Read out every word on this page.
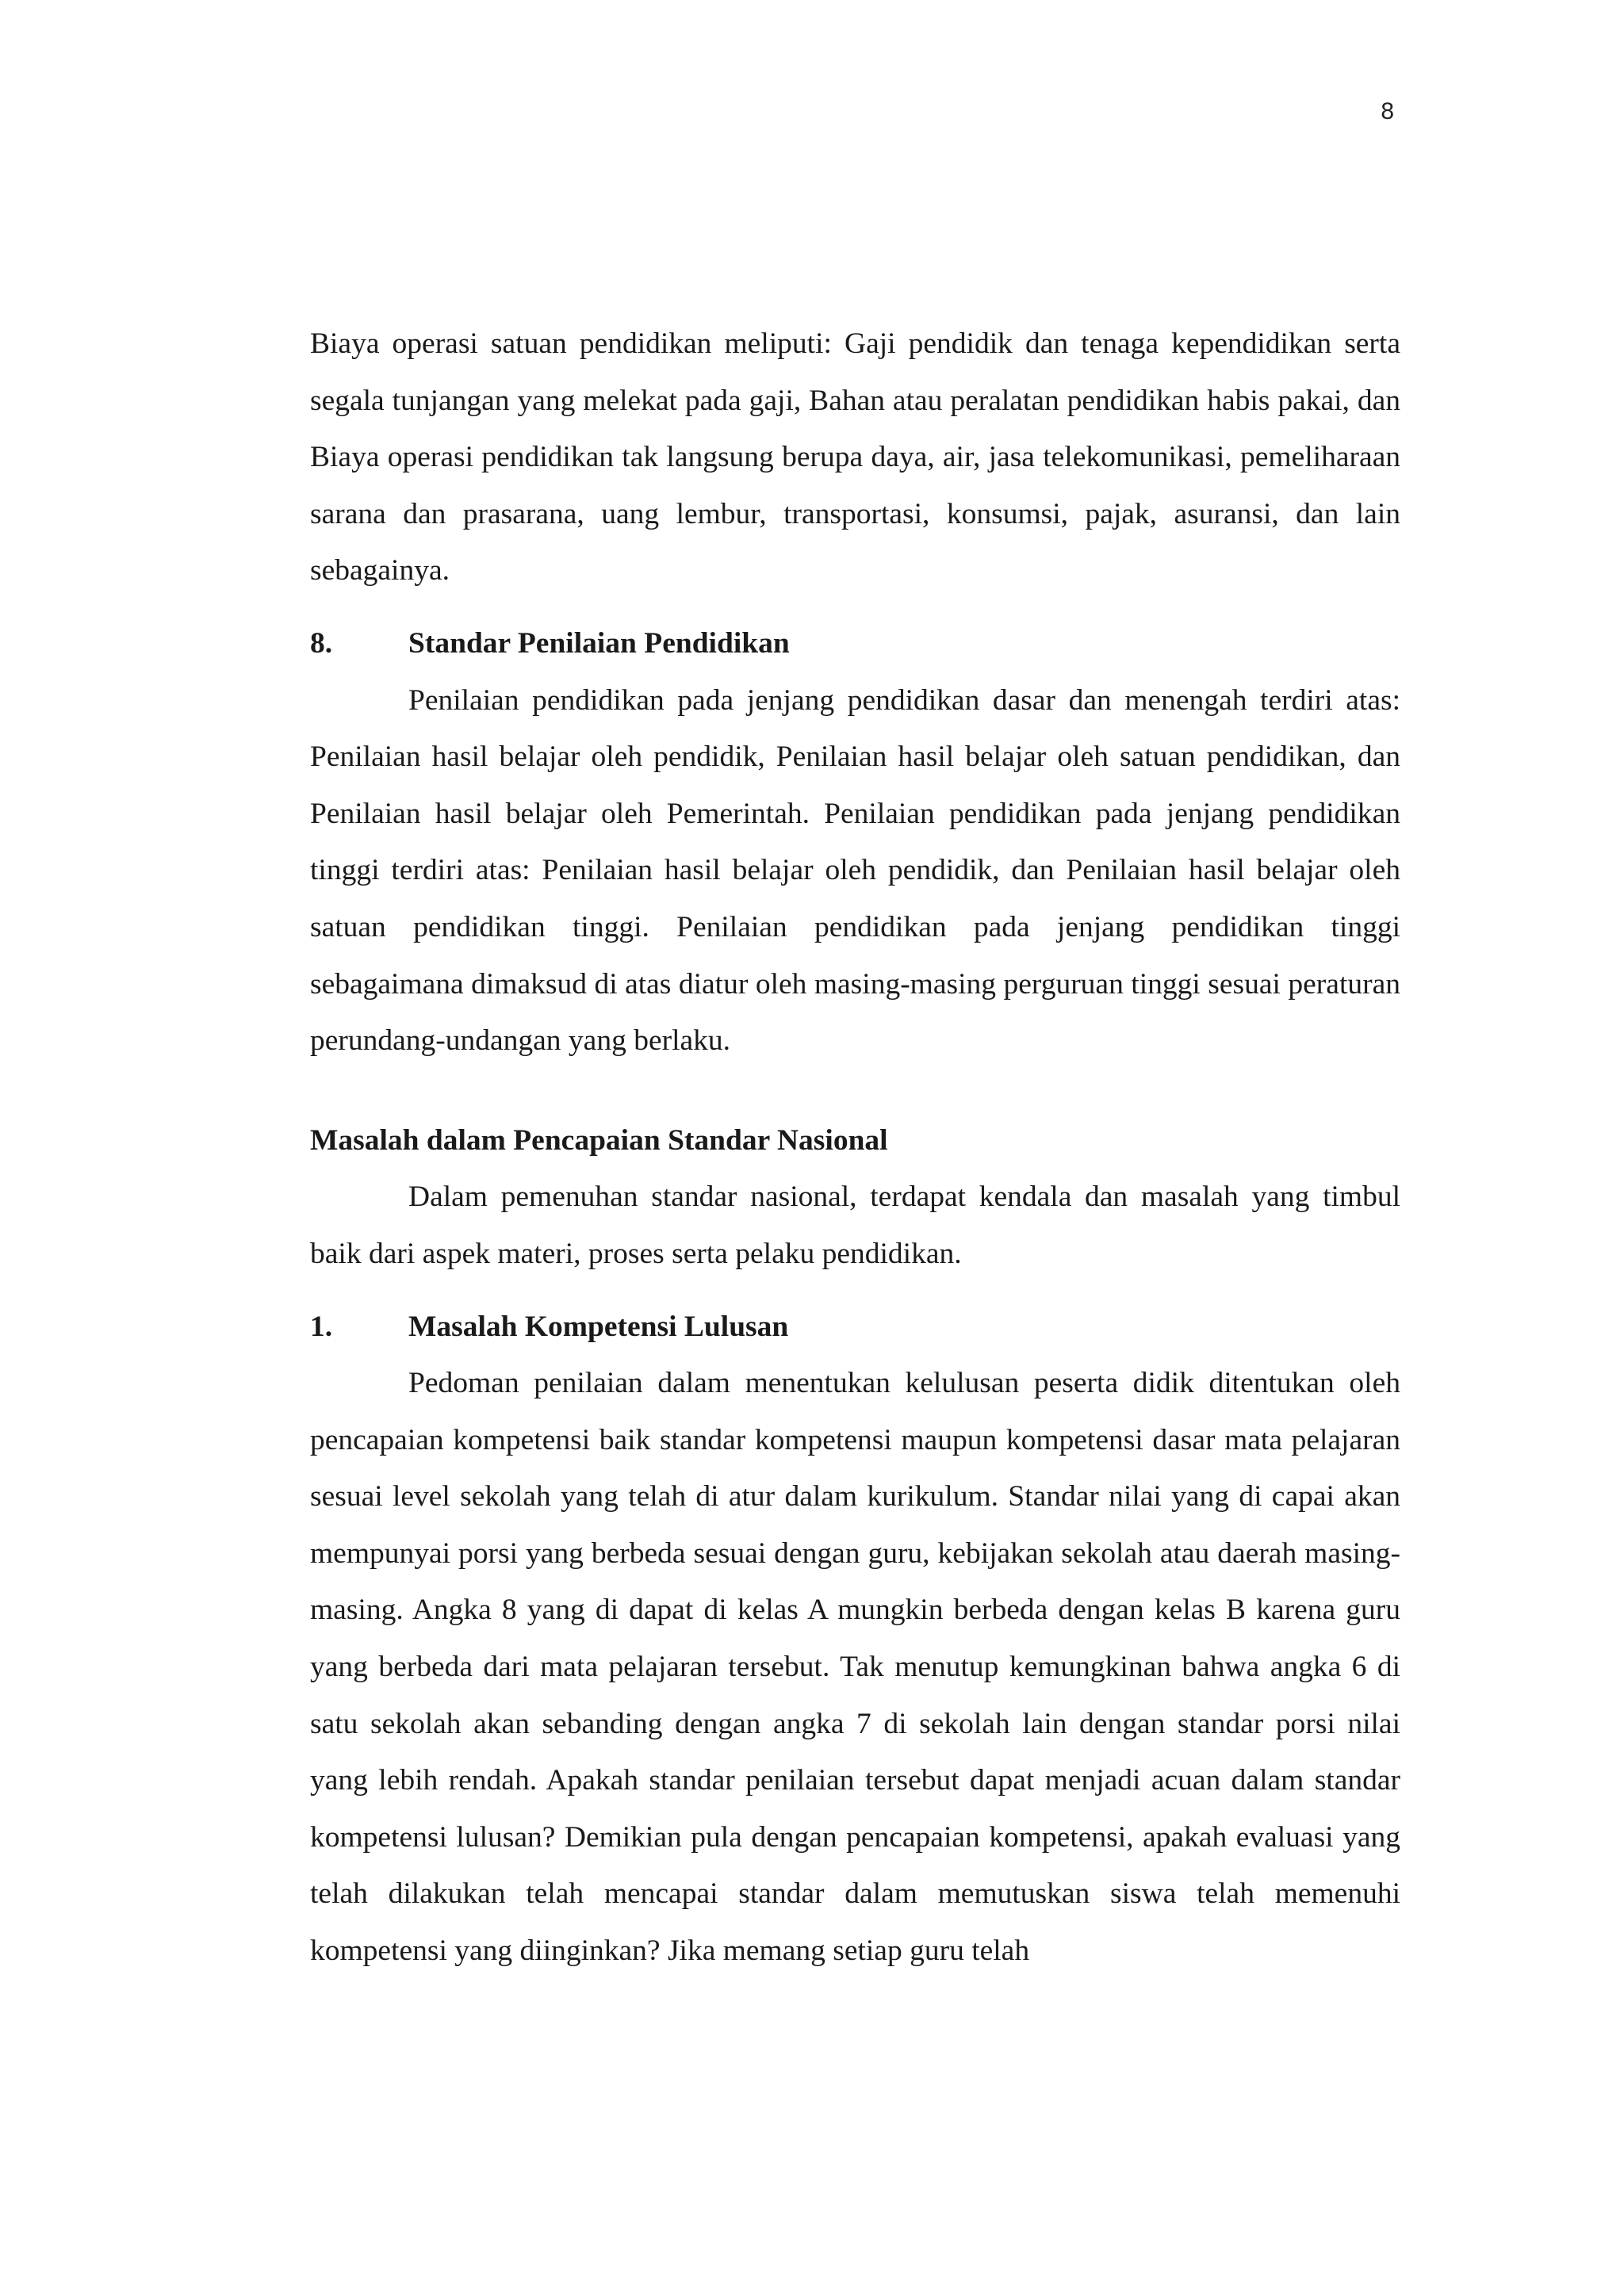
8

Biaya operasi satuan pendidikan meliputi: Gaji pendidik dan tenaga kependidikan serta segala tunjangan yang melekat pada gaji, Bahan atau peralatan pendidikan habis pakai, dan Biaya operasi pendidikan tak langsung berupa daya, air, jasa telekomunikasi, pemeliharaan sarana dan prasarana, uang lembur, transportasi, konsumsi, pajak, asuransi, dan lain sebagainya.

8.	Standar Penilaian Pendidikan

Penilaian pendidikan pada jenjang pendidikan dasar dan menengah terdiri atas: Penilaian hasil belajar oleh pendidik, Penilaian hasil belajar oleh satuan pendidikan, dan Penilaian hasil belajar oleh Pemerintah. Penilaian pendidikan pada jenjang pendidikan tinggi terdiri atas: Penilaian hasil belajar oleh pendidik, dan Penilaian hasil belajar oleh satuan pendidikan tinggi. Penilaian pendidikan pada jenjang pendidikan tinggi sebagaimana dimaksud di atas diatur oleh masing-masing perguruan tinggi sesuai peraturan perundang-undangan yang berlaku.

Masalah dalam Pencapaian Standar Nasional

Dalam pemenuhan standar nasional, terdapat kendala dan masalah yang timbul baik dari aspek materi, proses serta pelaku pendidikan.

1.	Masalah Kompetensi Lulusan

Pedoman penilaian dalam menentukan kelulusan peserta didik ditentukan oleh pencapaian kompetensi baik standar kompetensi maupun kompetensi dasar mata pelajaran sesuai level sekolah yang telah di atur dalam kurikulum. Standar nilai yang di capai akan mempunyai porsi yang berbeda sesuai dengan guru, kebijakan sekolah atau daerah masing-masing. Angka 8 yang di dapat di kelas A mungkin berbeda dengan kelas B karena guru yang berbeda dari mata pelajaran tersebut. Tak menutup kemungkinan bahwa angka 6 di satu sekolah akan sebanding dengan angka 7 di sekolah lain dengan standar porsi nilai yang lebih rendah. Apakah standar penilaian tersebut dapat menjadi acuan dalam standar kompetensi lulusan? Demikian pula dengan pencapaian kompetensi, apakah evaluasi yang telah dilakukan telah mencapai standar dalam memutuskan siswa telah memenuhi kompetensi yang diinginkan? Jika memang setiap guru telah
